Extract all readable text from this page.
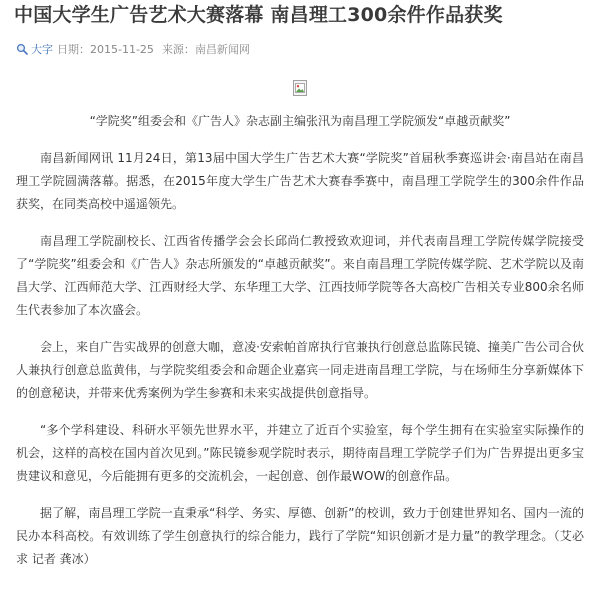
中国大学生广告艺术大赛落幕 南昌理工300余件作品获奖
大字 日期： 2015-11-25 来源： 南昌新闻网

“学院奖”组委会和《广告人》杂志副主编张汛为南昌理工学院颁发“卓越贡献奖”

南昌新闻网讯 11月24日，第13届中国大学生广告艺术大赛“学院奖”首届秋季赛巡讲会·南昌站在南昌理工学院圆满落幕。据悉，在2015年度大学生广告艺术大赛春季赛中，南昌理工学院学生的300余件作品获奖，在同类高校中遥遥领先。

南昌理工学院副校长、江西省传播学会会长邱尚仁教授致欢迎词，并代表南昌理工学院传媒学院接受了“学院奖”组委会和《广告人》杂志所颁发的“卓越贡献奖”。来自南昌理工学院传媒学院、艺术学院以及南昌大学、江西师范大学、江西财经大学、东华理工大学、江西技师学院等各大高校广告相关专业800余名师生代表参加了本次盛会。

会上，来自广告实战界的创意大咖，意凌·安索帕首席执行官兼执行创意总监陈民镜、撞美广告公司合伙人兼执行创意总监黄伟，与学院奖组委会和命题企业嘉宾一同走进南昌理工学院，与在场师生分享新媒体下的创意秘诀，并带来优秀案例为学生参赛和未来实战提供创意指导。

“多个学科建设、科研水平领先世界水平，并建立了近百个实验室，每个学生拥有在实验室实际操作的机会，这样的高校在国内首次见到。”陈民镜参观学院时表示，期待南昌理工学院学子们为广告界提出更多宝贵建议和意见，今后能拥有更多的交流机会，一起创意、创作最WOW的创意作品。

据了解，南昌理工学院一直秉承“科学、务实、厚德、创新”的校训，致力于创建世界知名、国内一流的民办本科高校。有效训练了学生创意执行的综合能力，践行了学院“知识创新才是力量”的教学理念。（艾必求 记者 龚冰）
